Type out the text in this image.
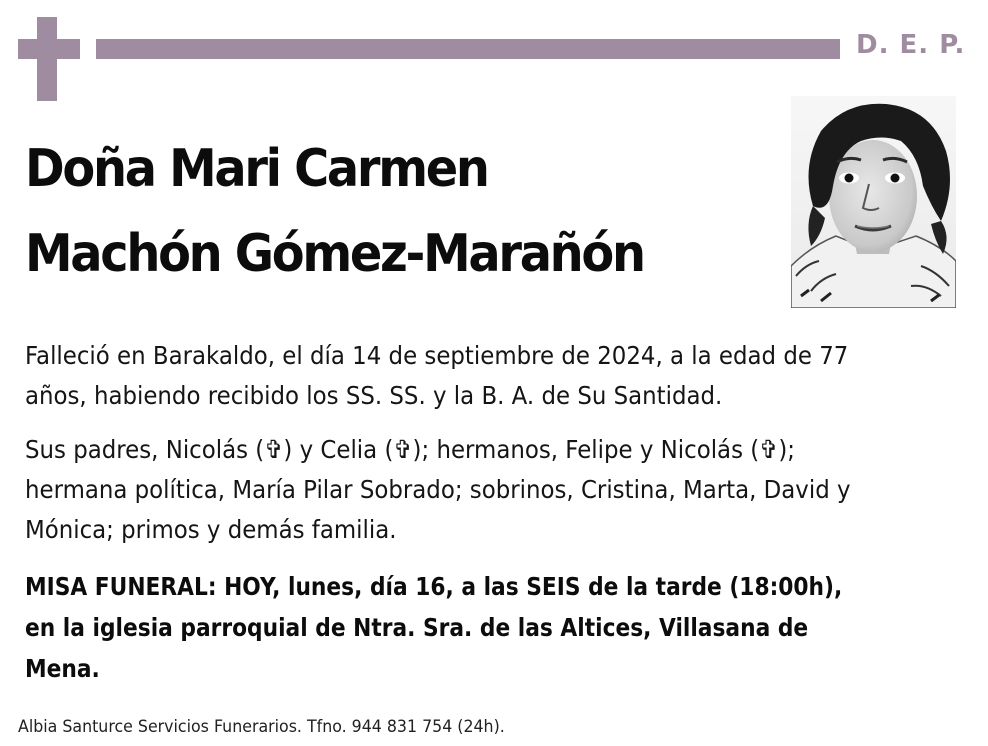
D. E. P.
Doña Mari Carmen
Machón Gómez-Marañón

Falleció en Barakaldo, el día 14 de septiembre de 2024, a la edad de 77 años, habiendo recibido los SS. SS. y la B. A. de Su Santidad.

Sus padres, Nicolás (✞) y Celia (✞); hermanos, Felipe y Nicolás (✞); hermana política, María Pilar Sobrado; sobrinos, Cristina, Marta, David y Mónica; primos y demás familia.

MISA FUNERAL: HOY, lunes, día 16, a las SEIS de la tarde (18:00h), en la iglesia parroquial de Ntra. Sra. de las Altices, Villasana de Mena.

Albia Santurce Servicios Funerarios. Tfno. 944 831 754 (24h).
